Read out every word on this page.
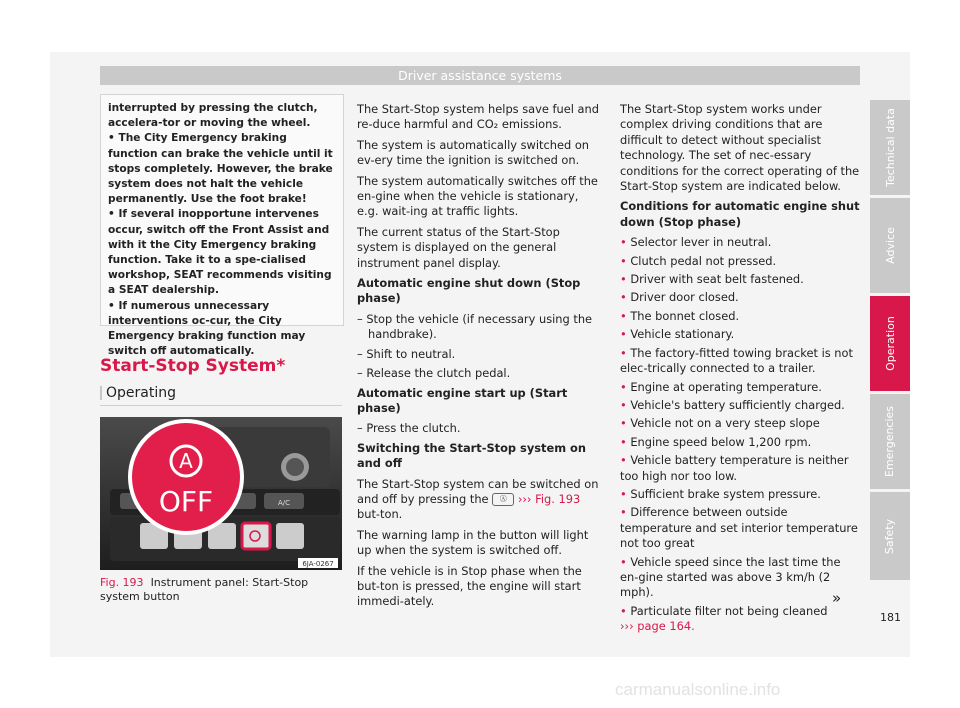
Driver assistance systems

interrupted by pressing the clutch, accelera-tor or moving the wheel.

• The City Emergency braking function can brake the vehicle until it stops completely. However, the brake system does not halt the vehicle permanently. Use the foot brake!

• If several inopportune intervenes occur, switch off the Front Assist and with it the City Emergency braking function. Take it to a spe-cialised workshop, SEAT recommends visiting a SEAT dealership.

• If numerous unnecessary interventions oc-cur, the City Emergency braking function may switch off automatically.

Start-Stop System*
Operating
A/C
A
OFF
6JA-0267
Fig. 193 Instrument panel: Start-Stop system button

The Start-Stop system helps save fuel and re-duce harmful and CO₂ emissions.

The system is automatically switched on ev-ery time the ignition is switched on.

The system automatically switches off the en-gine when the vehicle is stationary, e.g. wait-ing at traffic lights.

The current status of the Start-Stop system is displayed on the general instrument panel display.

Automatic engine shut down (Stop phase)

– Stop the vehicle (if necessary using the handbrake).

– Shift to neutral.

– Release the clutch pedal.

Automatic engine start up (Start phase)

– Press the clutch.

Switching the Start-Stop system on and off

The Start-Stop system can be switched on and off by pressing the Ⓐ ››› Fig. 193 but-ton.

The warning lamp in the button will light up when the system is switched off.

If the vehicle is in Stop phase when the but-ton is pressed, the engine will start immedi-ately.

The Start-Stop system works under complex driving conditions that are difficult to detect without specialist technology. The set of nec-essary conditions for the correct operating of the Start-Stop system are indicated below.

Conditions for automatic engine shut down (Stop phase)

• Selector lever in neutral.

• Clutch pedal not pressed.

• Driver with seat belt fastened.

• Driver door closed.

• The bonnet closed.

• Vehicle stationary.

• The factory-fitted towing bracket is not elec-trically connected to a trailer.

• Engine at operating temperature.

• Vehicle's battery sufficiently charged.

• Vehicle not on a very steep slope

• Engine speed below 1,200 rpm.

• Vehicle battery temperature is neither too high nor too low.

• Sufficient brake system pressure.

• Difference between outside temperature and set interior temperature not too great

• Vehicle speed since the last time the en-gine started was above 3 km/h (2 mph).

• Particulate filter not being cleaned
››› page 164.

»
Technical data
Advice
Operation
Emergencies
Safety
181
carmanualsonline.info
